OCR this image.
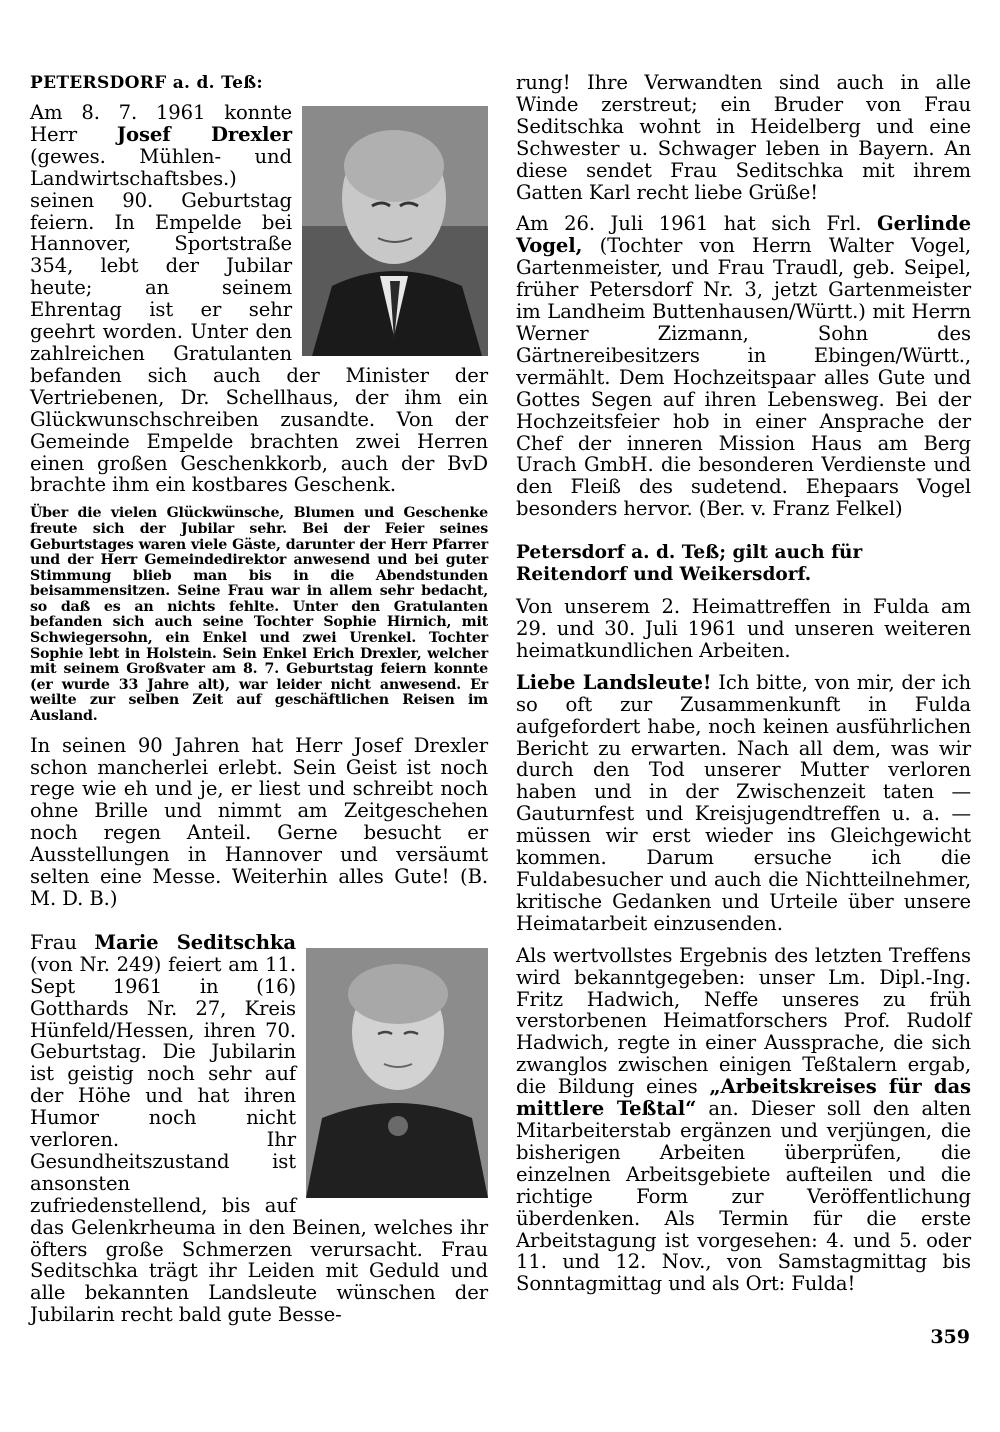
PETERSDORF a. d. Teß:

Am 8. 7. 1961 konnte Herr Josef Drexler (gewes. Mühlen- und Landwirtschaftsbes.) seinen 90. Geburtstag feiern. In Empelde bei Hannover, Sportstraße 354, lebt der Jubilar heute; an seinem Ehrentag ist er sehr geehrt worden. Unter den zahlreichen Gratulanten befanden sich auch der Minister der Vertriebenen, Dr. Schellhaus, der ihm ein Glückwunschschreiben zusandte. Von der Gemeinde Empelde brachten zwei Herren einen großen Geschenkkorb, auch der BvD brachte ihm ein kostbares Geschenk.

Über die vielen Glückwünsche, Blumen und Geschenke freute sich der Jubilar sehr. Bei der Feier seines Geburtstages waren viele Gäste, darunter der Herr Pfarrer und der Herr Gemeindedirektor anwesend und bei guter Stimmung blieb man bis in die Abendstunden beisammensitzen. Seine Frau war in allem sehr bedacht, so daß es an nichts fehlte. Unter den Gratulanten befanden sich auch seine Tochter Sophie Hirnich, mit Schwiegersohn, ein Enkel und zwei Urenkel. Tochter Sophie lebt in Holstein. Sein Enkel Erich Drexler, welcher mit seinem Großvater am 8. 7. Geburtstag feiern konnte (er wurde 33 Jahre alt), war leider nicht anwesend. Er weilte zur selben Zeit auf geschäftlichen Reisen im Ausland.

In seinen 90 Jahren hat Herr Josef Drexler schon mancherlei erlebt. Sein Geist ist noch rege wie eh und je, er liest und schreibt noch ohne Brille und nimmt am Zeitgeschehen noch regen Anteil. Gerne besucht er Ausstellungen in Hannover und versäumt selten eine Messe. Weiterhin alles Gute! (B. M. D. B.)

Frau Marie Seditschka (von Nr. 249) feiert am 11. Sept 1961 in (16) Gotthards Nr. 27, Kreis Hünfeld/Hessen, ihren 70. Geburtstag. Die Jubilarin ist geistig noch sehr auf der Höhe und hat ihren Humor noch nicht verloren. Ihr Gesundheitszustand ist ansonsten zufriedenstellend, bis auf das Gelenkrheuma in den Beinen, welches ihr öfters große Schmerzen verursacht. Frau Seditschka trägt ihr Leiden mit Geduld und alle bekannten Landsleute wünschen der Jubilarin recht bald gute Besse-

rung! Ihre Verwandten sind auch in alle Winde zerstreut; ein Bruder von Frau Seditschka wohnt in Heidelberg und eine Schwester u. Schwager leben in Bayern. An diese sendet Frau Seditschka mit ihrem Gatten Karl recht liebe Grüße!

Am 26. Juli 1961 hat sich Frl. Gerlinde Vogel, (Tochter von Herrn Walter Vogel, Gartenmeister, und Frau Traudl, geb. Seipel, früher Petersdorf Nr. 3, jetzt Gartenmeister im Landheim Buttenhausen/Württ.) mit Herrn Werner Zizmann, Sohn des Gärtnereibesitzers in Ebingen/Württ., vermählt. Dem Hochzeitspaar alles Gute und Gottes Segen auf ihren Lebensweg. Bei der Hochzeitsfeier hob in einer Ansprache der Chef der inneren Mission Haus am Berg Urach GmbH. die besonderen Verdienste und den Fleiß des sudetend. Ehepaars Vogel besonders hervor. (Ber. v. Franz Felkel)

Petersdorf a. d. Teß; gilt auch für Reitendorf und Weikersdorf.

Von unserem 2. Heimattreffen in Fulda am 29. und 30. Juli 1961 und unseren weiteren heimatkundlichen Arbeiten.

Liebe Landsleute! Ich bitte, von mir, der ich so oft zur Zusammenkunft in Fulda aufgefordert habe, noch keinen ausführlichen Bericht zu erwarten. Nach all dem, was wir durch den Tod unserer Mutter verloren haben und in der Zwischenzeit taten — Gauturnfest und Kreisjugendtreffen u. a. — müssen wir erst wieder ins Gleichgewicht kommen. Darum ersuche ich die Fuldabesucher und auch die Nichtteilnehmer, kritische Gedanken und Urteile über unsere Heimatarbeit einzusenden.

Als wertvollstes Ergebnis des letzten Treffens wird bekanntgegeben: unser Lm. Dipl.-Ing. Fritz Hadwich, Neffe unseres zu früh verstorbenen Heimatforschers Prof. Rudolf Hadwich, regte in einer Aussprache, die sich zwanglos zwischen einigen Teßtalern ergab, die Bildung eines „Arbeitskreises für das mittlere Teßtal“ an. Dieser soll den alten Mitarbeiterstab ergänzen und verjüngen, die bisherigen Arbeiten überprüfen, die einzelnen Arbeitsgebiete aufteilen und die richtige Form zur Veröffentlichung überdenken. Als Termin für die erste Arbeitstagung ist vorgesehen: 4. und 5. oder 11. und 12. Nov., von Samstagmittag bis Sonntagmittag und als Ort: Fulda!

359
